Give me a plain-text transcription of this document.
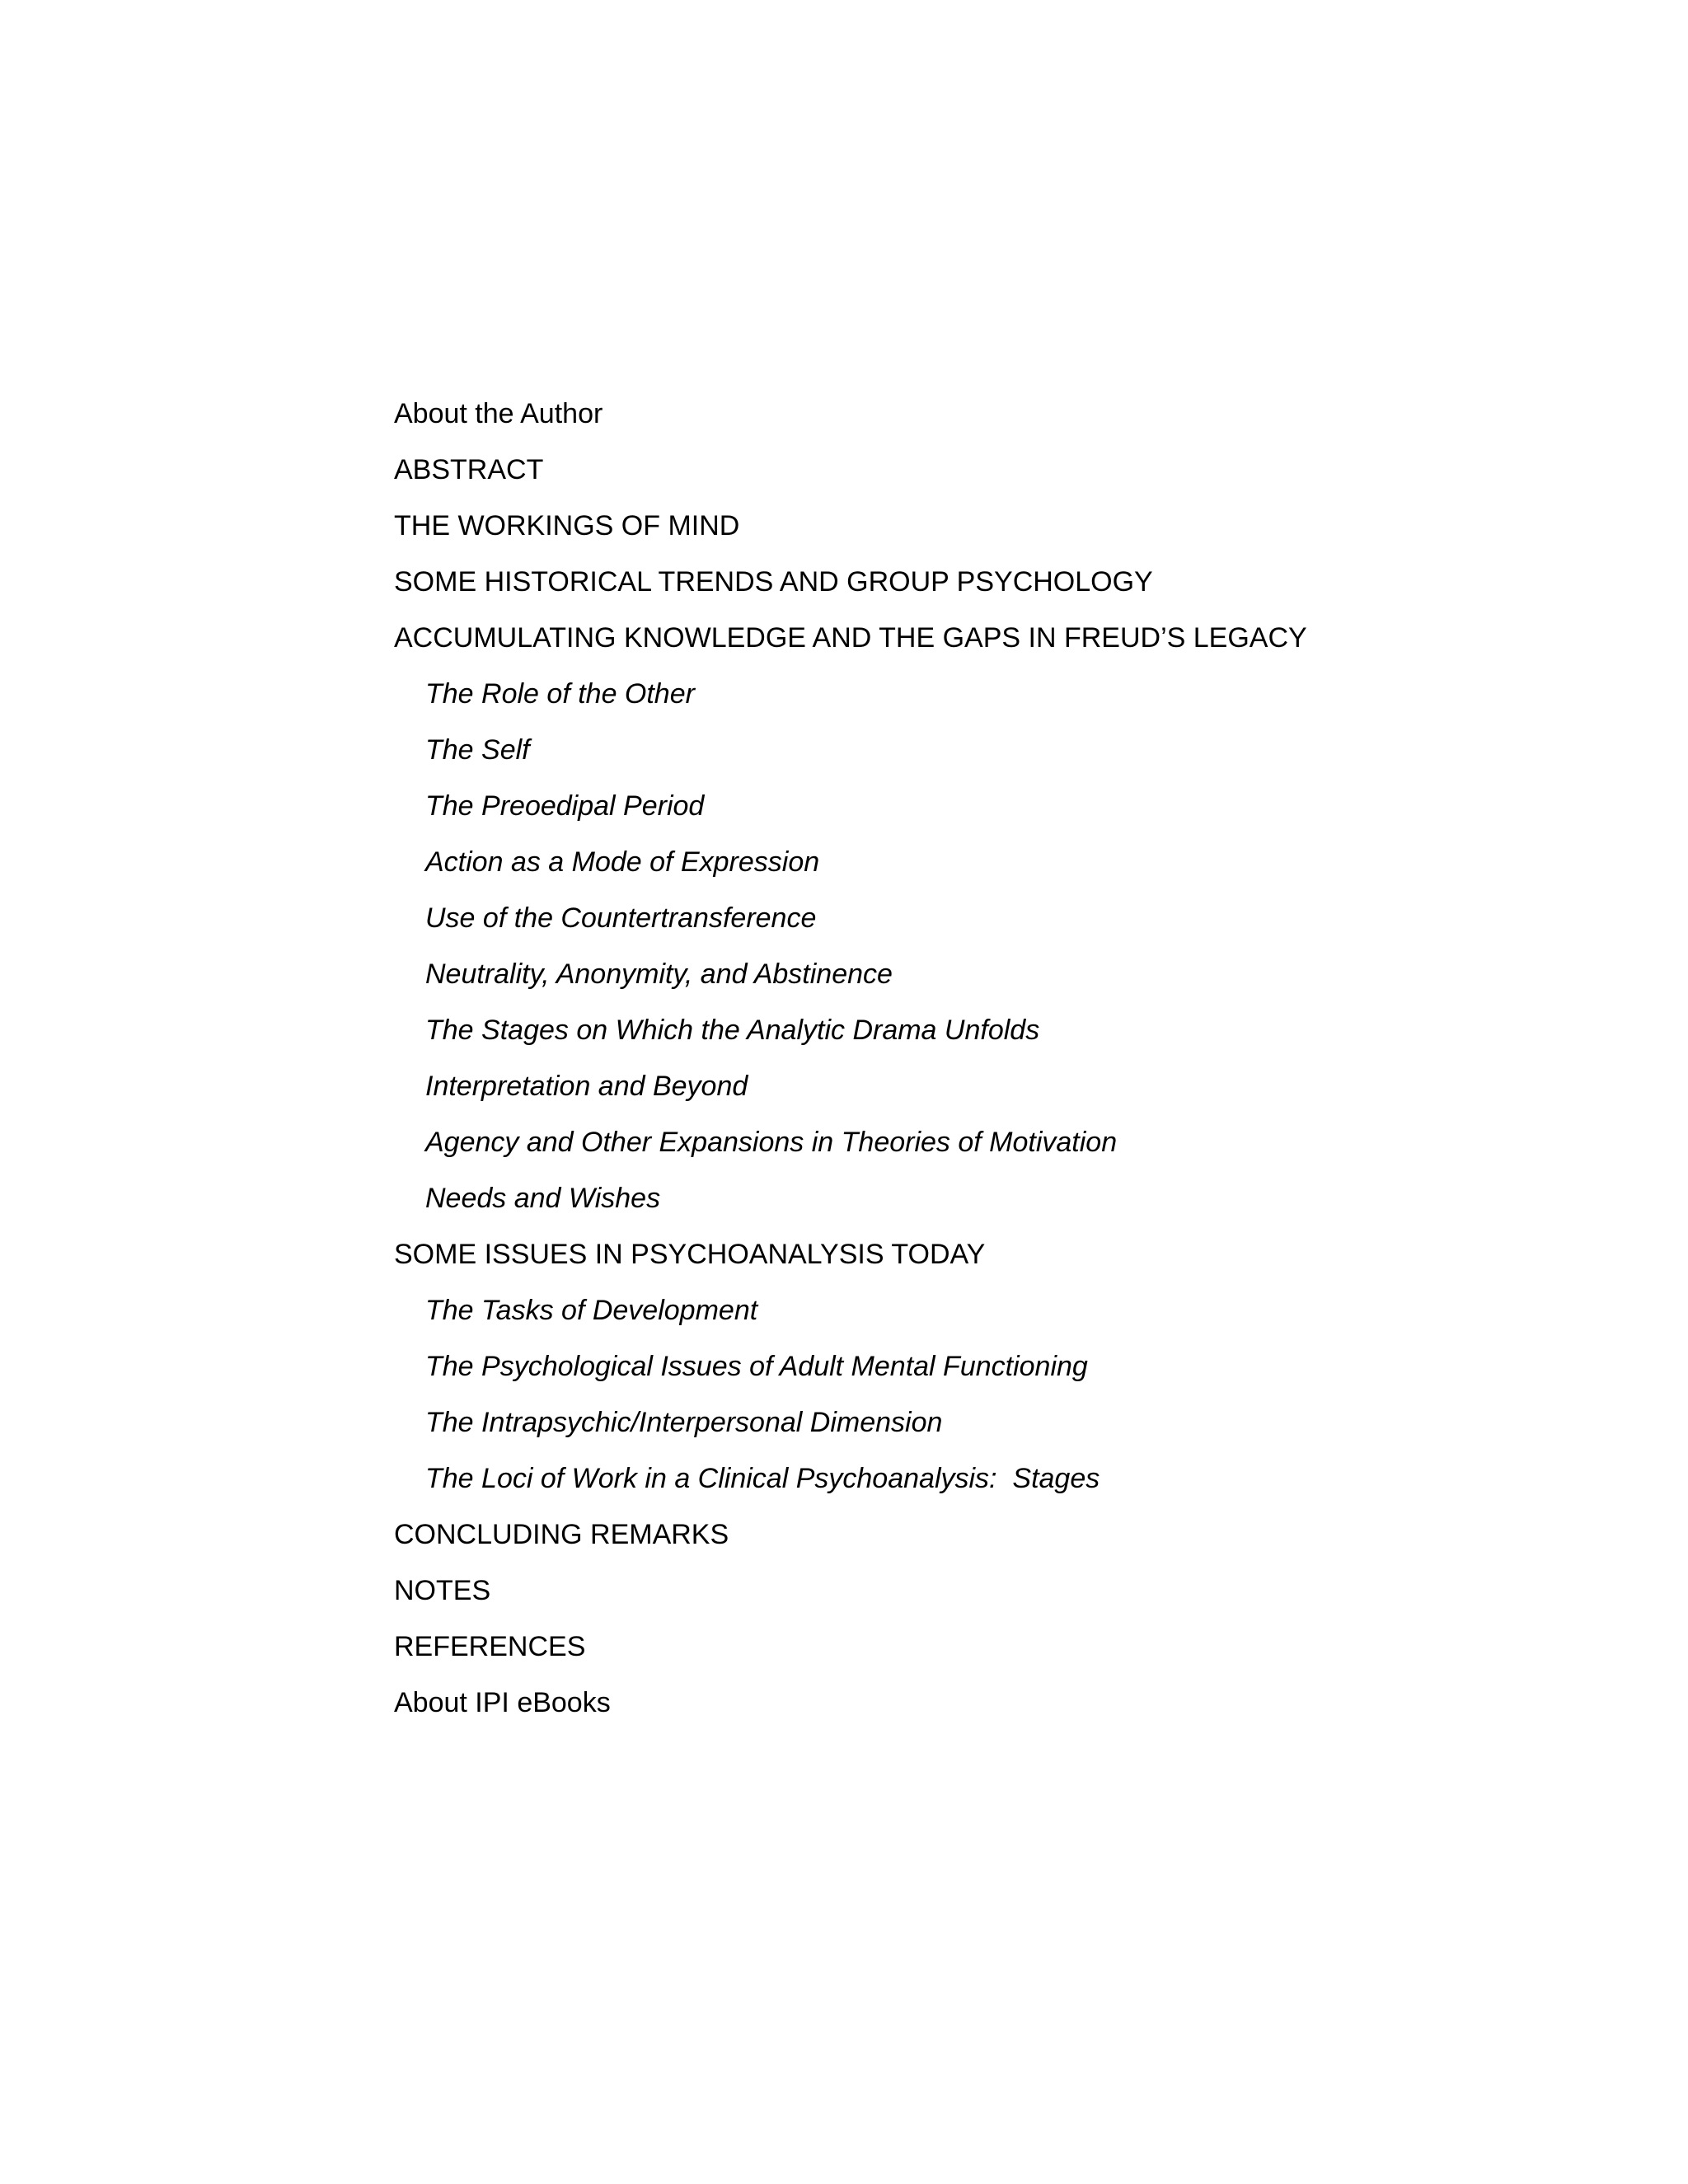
About the Author
ABSTRACT
THE WORKINGS OF MIND
SOME HISTORICAL TRENDS AND GROUP PSYCHOLOGY
ACCUMULATING KNOWLEDGE AND THE GAPS IN FREUD’S LEGACY
The Role of the Other
The Self
The Preoedipal Period
Action as a Mode of Expression
Use of the Countertransference
Neutrality, Anonymity, and Abstinence
The Stages on Which the Analytic Drama Unfolds
Interpretation and Beyond
Agency and Other Expansions in Theories of Motivation
Needs and Wishes
SOME ISSUES IN PSYCHOANALYSIS TODAY
The Tasks of Development
The Psychological Issues of Adult Mental Functioning
The Intrapsychic/Interpersonal Dimension
The Loci of Work in a Clinical Psychoanalysis:  Stages
CONCLUDING REMARKS
NOTES
REFERENCES
About IPI eBooks
